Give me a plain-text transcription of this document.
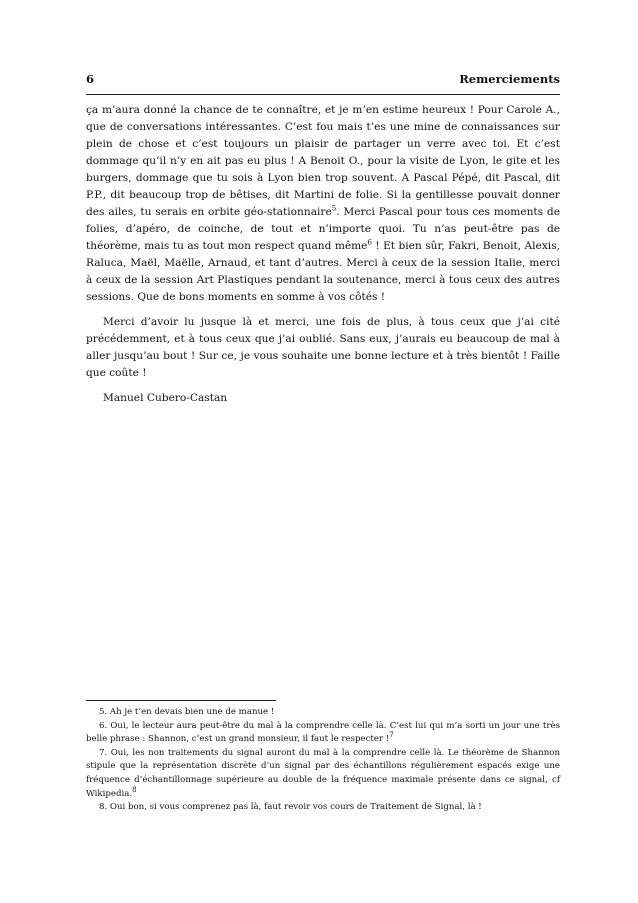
6	Remerciements

ça m’aura donné la chance de te connaître, et je m’en estime heureux ! Pour Carole A., que de conversations intéressantes. C’est fou mais t’es une mine de connaissances sur plein de chose et c’est toujours un plaisir de partager un verre avec toi. Et c’est dommage qu’il n’y en ait pas eu plus ! A Benoit O., pour la visite de Lyon, le gite et les burgers, dommage que tu sois à Lyon bien trop souvent. A Pascal Pépé, dit Pascal, dit P.P., dit beaucoup trop de bêtises, dit Martini de folie. Si la gentillesse pouvait donner des ailes, tu serais en orbite géo-stationnaire$^5$. Merci Pascal pour tous ces moments de folies, d’apéro, de coinche, de tout et n’importe quoi. Tu n’as peut-être pas de théorème, mais tu as tout mon respect quand même$^6$ ! Et bien sûr, Fakri, Benoit, Alexis, Raluca, Maël, Maëlle, Arnaud, et tant d’autres. Merci à ceux de la session Italie, merci à ceux de la session Art Plastiques pendant la soutenance, merci à tous ceux des autres sessions. Que de bons moments en somme à vos côtés !

Merci d’avoir lu jusque là et merci, une fois de plus, à tous ceux que j’ai cité précédemment, et à tous ceux que j’ai oublié. Sans eux, j’aurais eu beaucoup de mal à aller jusqu’au bout ! Sur ce, je vous souhaite une bonne lecture et à très bientôt ! Faille que coûte !

Manuel Cubero-Castan

5. Ah je t’en devais bien une de manue !

6. Oui, le lecteur aura peut-être du mal à la comprendre celle là. C’est lui qui m’a sorti un jour une très belle phrase : Shannon, c’est un grand monsieur, il faut le respecter !$^7$

7. Oui, les non traitements du signal auront du mal à la comprendre celle là. Le théorème de Shannon stipule que la représentation discrète d’un signal par des échantillons régulièrement espacés exige une fréquence d’échantillonnage supérieure au double de la fréquence maximale présente dans ce signal, cf Wikipedia.$^8$

8. Oui bon, si vous comprenez pas là, faut revoir vos cours de Traitement de Signal, là !
